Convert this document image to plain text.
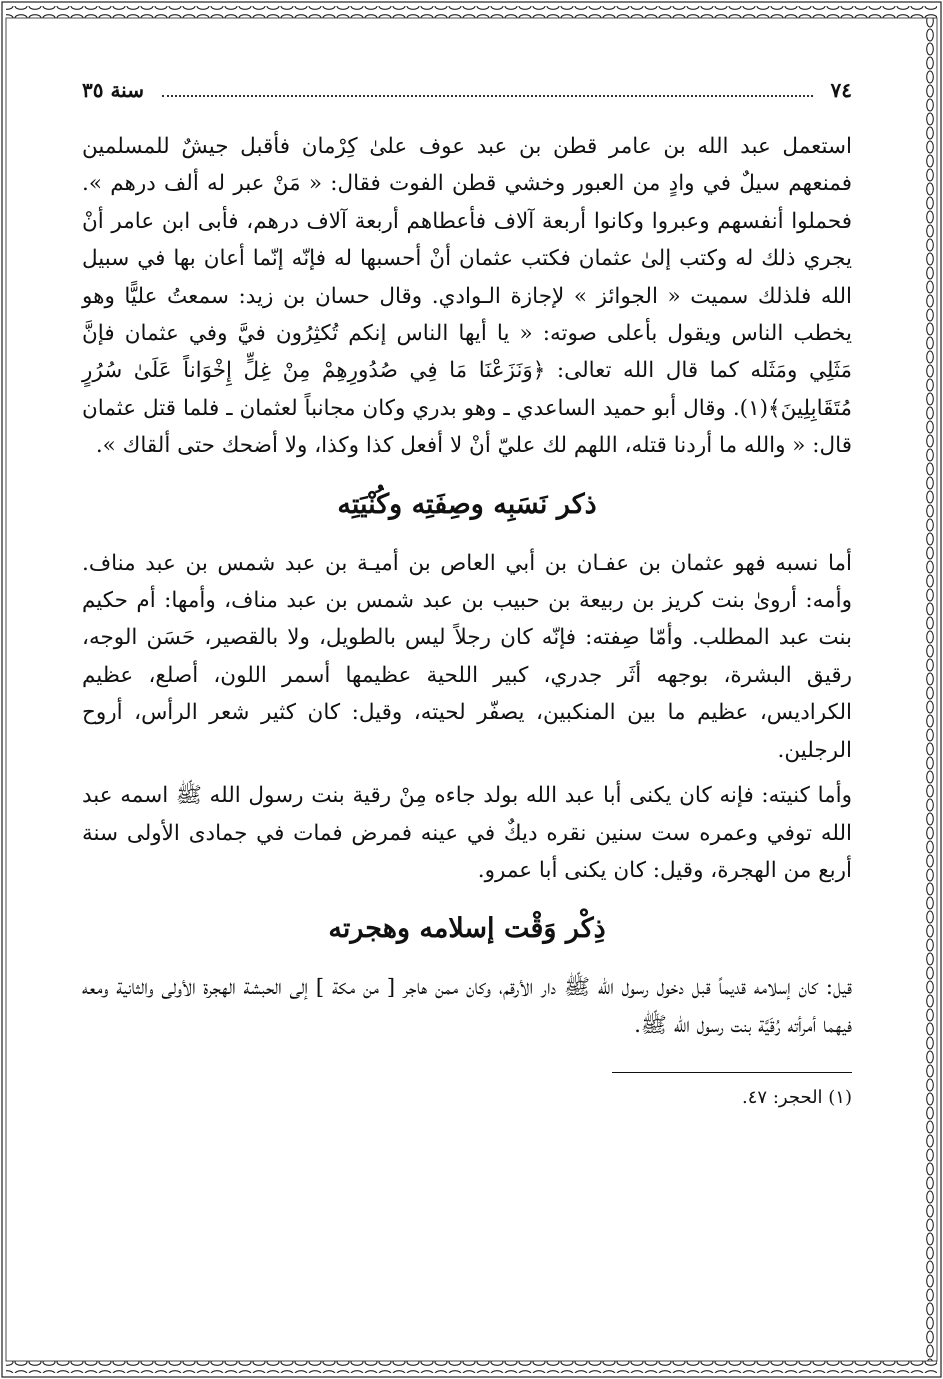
٧٤
سنة ٣٥

استعمل عبد الله بن عامر قطن بن عبد عوف علىٰ كِرْمان فأقبل جيشٌ للمسلمين فمنعهم سيلٌ في وادٍ من العبور وخشي قطن الفوت فقال: « مَنْ عبر له ألف درهم ». فحملوا أنفسهم وعبروا وكانوا أربعة آلاف فأعطاهم أربعة آلاف درهم، فأبى ابن عامر أنْ يجري ذلك له وكتب إلىٰ عثمان فكتب عثمان أنْ أحسبها له فإنّه إنّما أعان بها في سبيل الله فلذلك سميت « الجوائز » لإجازة الـوادي. وقال حسان بن زيد: سمعتُ عليًّا وهو يخطب الناس ويقول بأعلى صوته: « يا أيها الناس إنكم تُكثِرُون فيَّ وفي عثمان فإنَّ مَثَلِي ومَثَله كما قال الله تعالى: ﴿وَنَزَعْنَا مَا فِي صُدُورِهِمْ مِنْ غِلٍّ إِخْوَاناً عَلَىٰ سُرُرٍ مُتَقَابِلِينَ﴾(١). وقال أبو حميد الساعدي ـ وهو بدري وكان مجانباً لعثمان ـ فلما قتل عثمان قال: « والله ما أردنا قتله، اللهم لك عليّ أنْ لا أفعل كذا وكذا، ولا أضحك حتى ألقاك ».

ذكر نَسَبِه وصِفَتِه وكُنْيَتِه

أما نسبه فهو عثمان بن عفـان بن أبي العاص بن أميـة بن عبد شمس بن عبد مناف. وأمه: أروىٰ بنت كريز بن ربيعة بن حبيب بن عبد شمس بن عبد مناف، وأمها: أم حكيم بنت عبد المطلب. وأمّا صِفته: فإنّه كان رجلاً ليس بالطويل، ولا بالقصير، حَسَن الوجه، رقيق البشرة، بوجهه أثَر جدري، كبير اللحية عظيمها أسمر اللون، أصلع، عظيم الكراديس، عظيم ما بين المنكبين، يصفّر لحيته، وقيل: كان كثير شعر الرأس، أروح الرجلين.

وأما كنيته: فإنه كان يكنى أبا عبد الله بولد جاءه مِنْ رقية بنت رسول الله ﷺ اسمه عبد الله توفي وعمره ست سنين نقره ديكٌ في عينه فمرض فمات في جمادى الأولى سنة أربع من الهجرة، وقيل: كان يكنى أبا عمرو.

ذِكْر وَقْت إسلامه وهجرته

قيل: كان إسلامه قديماً قبل دخول رسول الله ﷺ دار الأرقم، وكان ممن هاجر [ من مكة ] إلى الحبشة الهجرة الأولى والثانية ومعه فيهما أمرأته رُقَيَّة بنت رسول الله ﷺ.

(١) الحجر: ٤٧.
